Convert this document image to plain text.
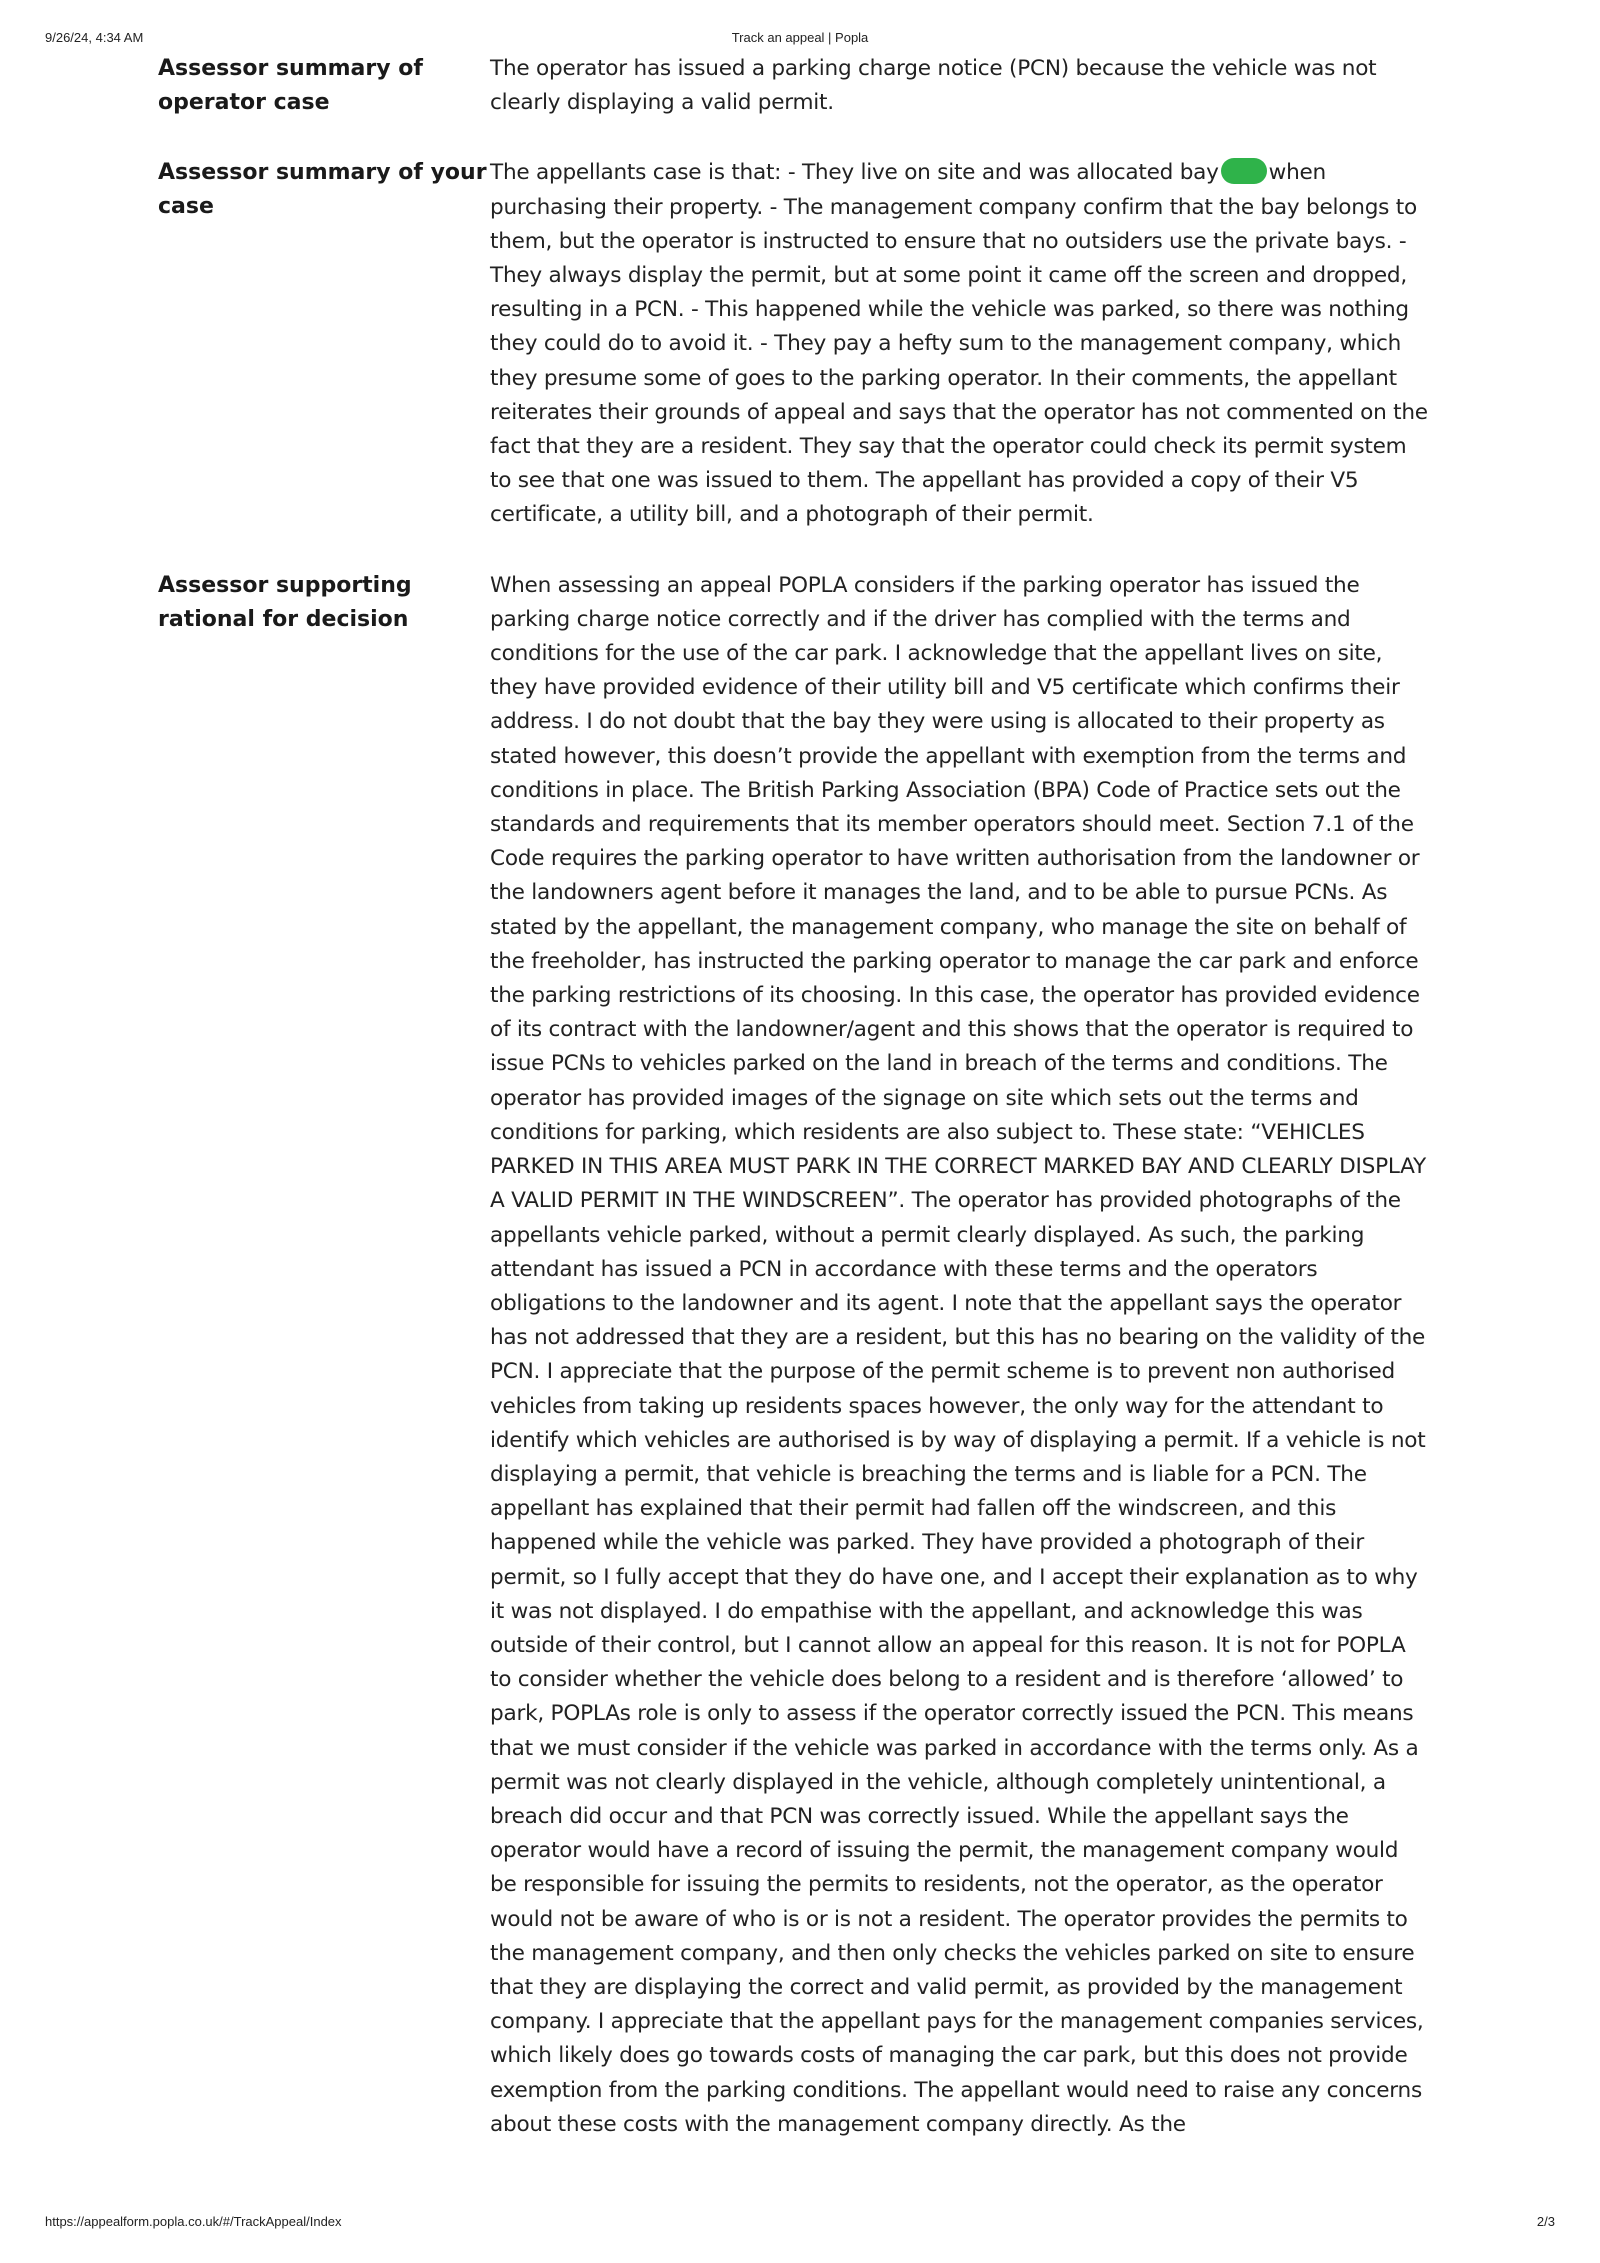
9/26/24, 4:34 AM	Track an appeal | Popla
Assessor summary of operator case
The operator has issued a parking charge notice (PCN) because the vehicle was not clearly displaying a valid permit.
Assessor summary of your case
The appellants case is that: - They live on site and was allocated bay when purchasing their property. - The management company confirm that the bay belongs to them, but the operator is instructed to ensure that no outsiders use the private bays. - They always display the permit, but at some point it came off the screen and dropped, resulting in a PCN. - This happened while the vehicle was parked, so there was nothing they could do to avoid it. - They pay a hefty sum to the management company, which they presume some of goes to the parking operator. In their comments, the appellant reiterates their grounds of appeal and says that the operator has not commented on the fact that they are a resident. They say that the operator could check its permit system to see that one was issued to them. The appellant has provided a copy of their V5 certificate, a utility bill, and a photograph of their permit.
Assessor supporting rational for decision
When assessing an appeal POPLA considers if the parking operator has issued the parking charge notice correctly and if the driver has complied with the terms and conditions for the use of the car park. I acknowledge that the appellant lives on site, they have provided evidence of their utility bill and V5 certificate which confirms their address. I do not doubt that the bay they were using is allocated to their property as stated however, this doesn’t provide the appellant with exemption from the terms and conditions in place. The British Parking Association (BPA) Code of Practice sets out the standards and requirements that its member operators should meet. Section 7.1 of the Code requires the parking operator to have written authorisation from the landowner or the landowners agent before it manages the land, and to be able to pursue PCNs. As stated by the appellant, the management company, who manage the site on behalf of the freeholder, has instructed the parking operator to manage the car park and enforce the parking restrictions of its choosing. In this case, the operator has provided evidence of its contract with the landowner/agent and this shows that the operator is required to issue PCNs to vehicles parked on the land in breach of the terms and conditions. The operator has provided images of the signage on site which sets out the terms and conditions for parking, which residents are also subject to. These state: “VEHICLES PARKED IN THIS AREA MUST PARK IN THE CORRECT MARKED BAY AND CLEARLY DISPLAY A VALID PERMIT IN THE WINDSCREEN”. The operator has provided photographs of the appellants vehicle parked, without a permit clearly displayed. As such, the parking attendant has issued a PCN in accordance with these terms and the operators obligations to the landowner and its agent. I note that the appellant says the operator has not addressed that they are a resident, but this has no bearing on the validity of the PCN. I appreciate that the purpose of the permit scheme is to prevent non authorised vehicles from taking up residents spaces however, the only way for the attendant to identify which vehicles are authorised is by way of displaying a permit. If a vehicle is not displaying a permit, that vehicle is breaching the terms and is liable for a PCN. The appellant has explained that their permit had fallen off the windscreen, and this happened while the vehicle was parked. They have provided a photograph of their permit, so I fully accept that they do have one, and I accept their explanation as to why it was not displayed. I do empathise with the appellant, and acknowledge this was outside of their control, but I cannot allow an appeal for this reason. It is not for POPLA to consider whether the vehicle does belong to a resident and is therefore ‘allowed’ to park, POPLAs role is only to assess if the operator correctly issued the PCN. This means that we must consider if the vehicle was parked in accordance with the terms only. As a permit was not clearly displayed in the vehicle, although completely unintentional, a breach did occur and that PCN was correctly issued. While the appellant says the operator would have a record of issuing the permit, the management company would be responsible for issuing the permits to residents, not the operator, as the operator would not be aware of who is or is not a resident. The operator provides the permits to the management company, and then only checks the vehicles parked on site to ensure that they are displaying the correct and valid permit, as provided by the management company. I appreciate that the appellant pays for the management companies services, which likely does go towards costs of managing the car park, but this does not provide exemption from the parking conditions. The appellant would need to raise any concerns about these costs with the management company directly. As the
https://appealform.popla.co.uk/#/TrackAppeal/Index	2/3
